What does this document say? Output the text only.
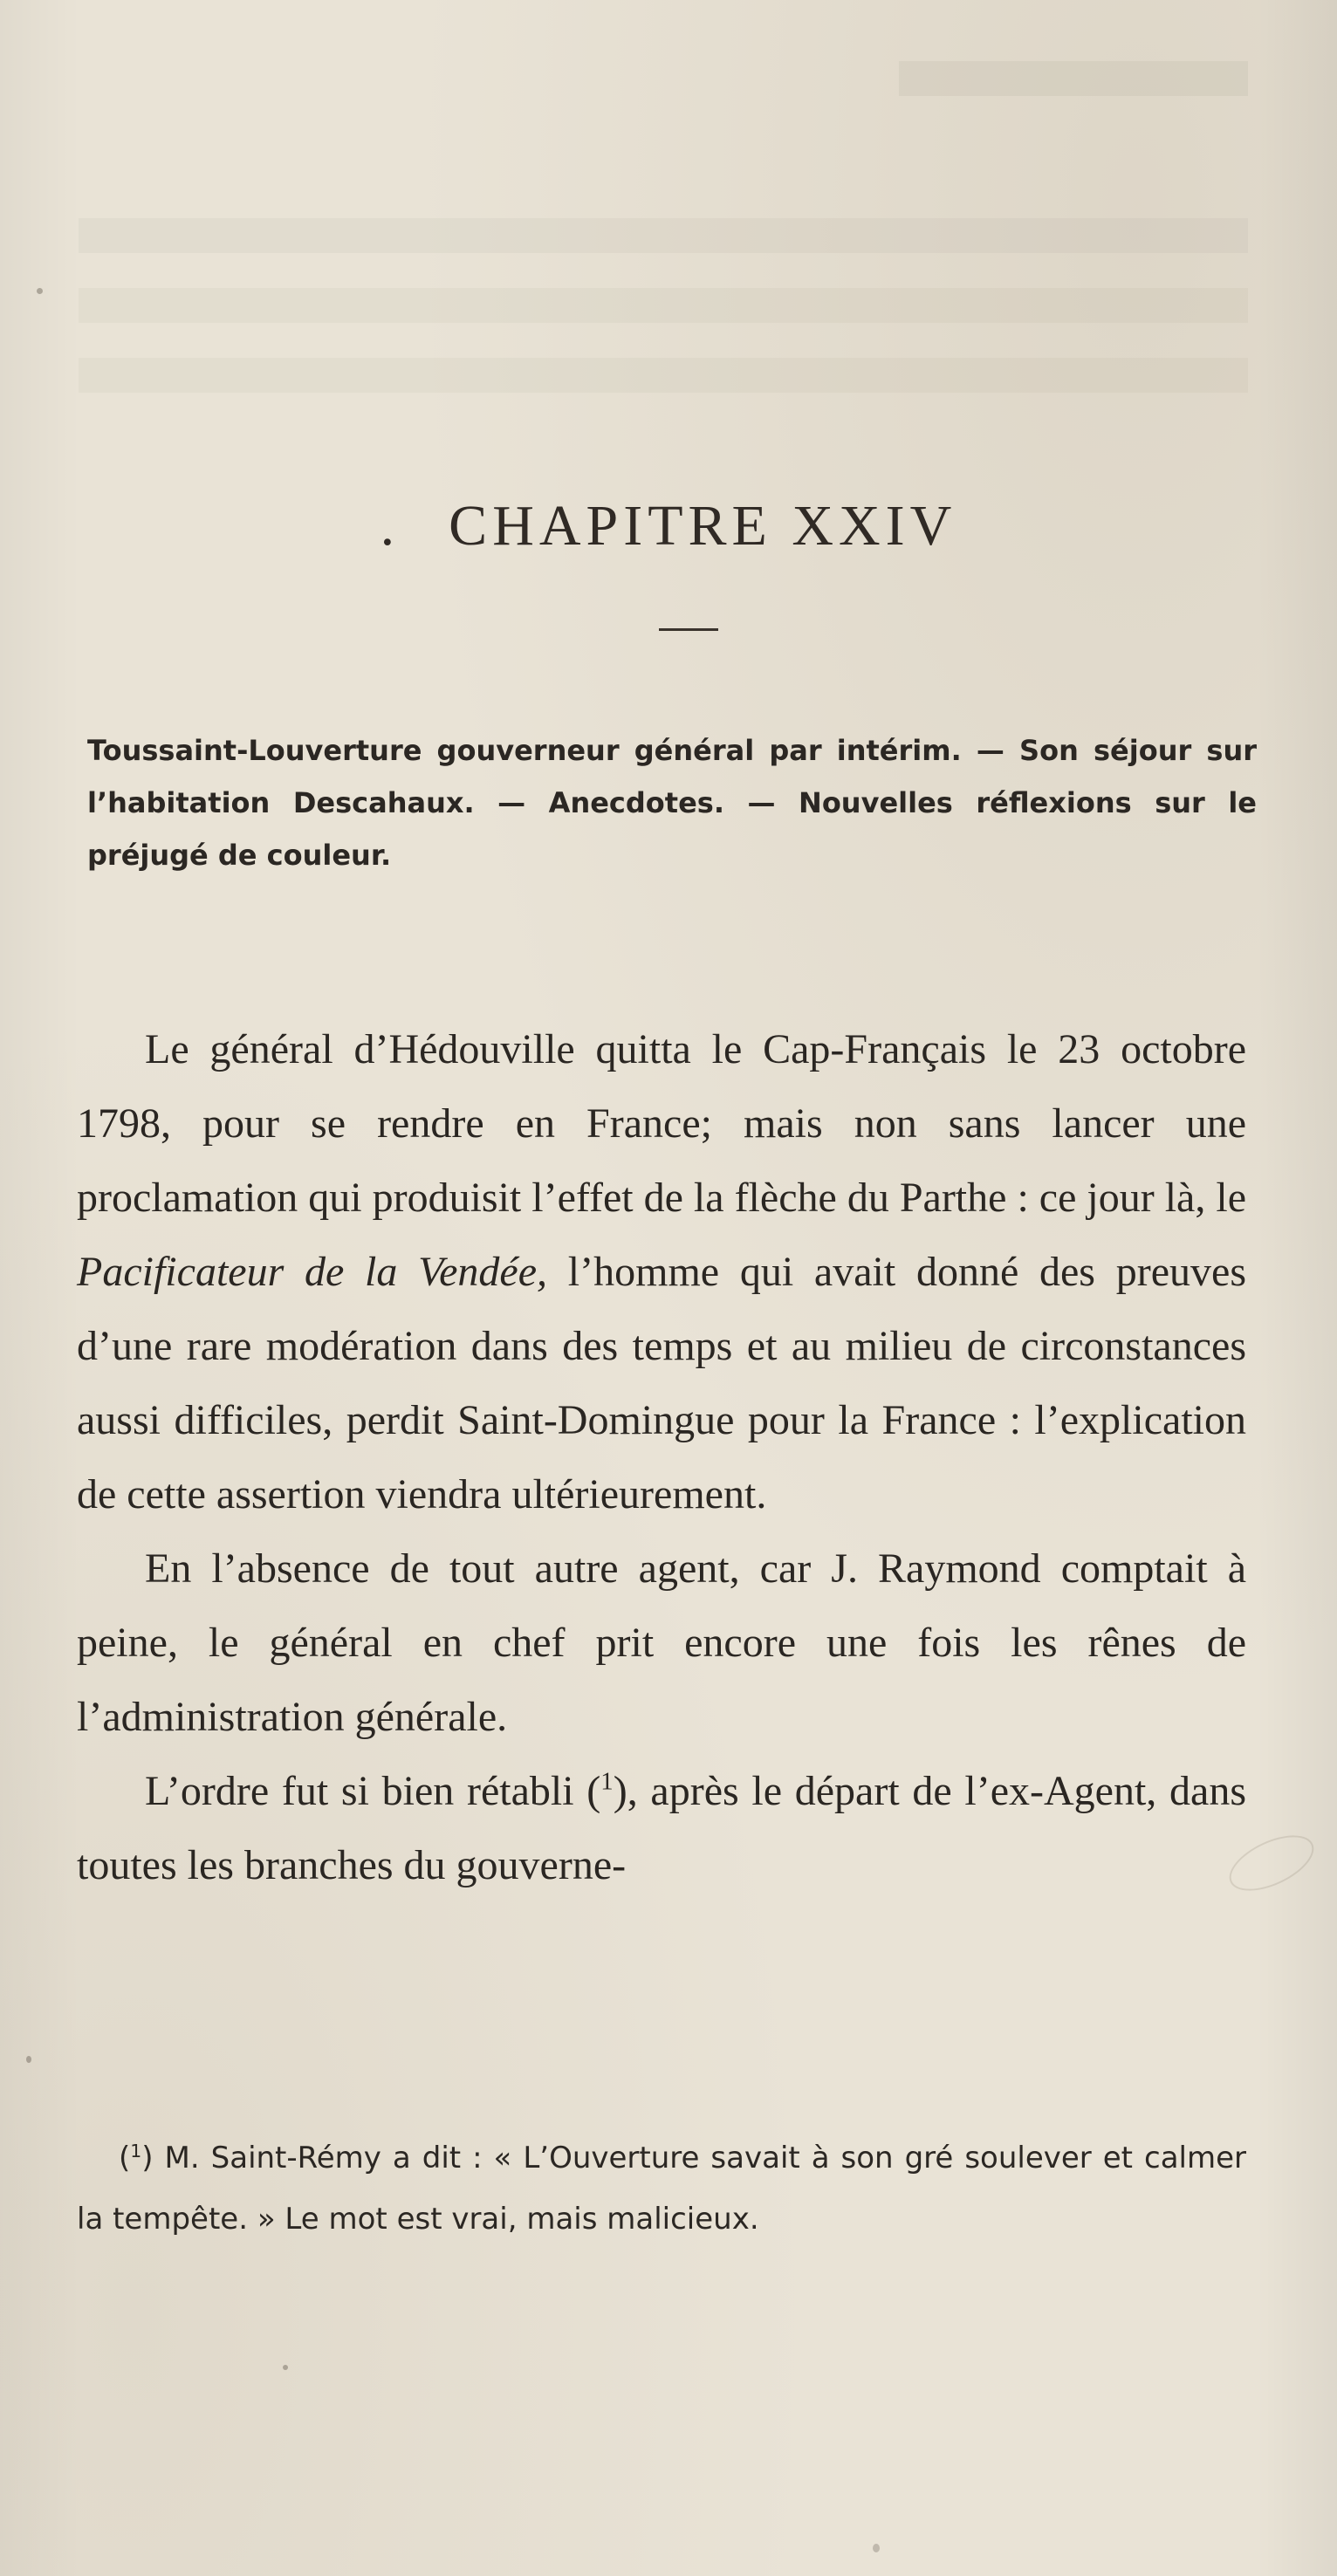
. CHAPITRE XXIV
Toussaint-Louverture gouverneur général par intérim. — Son séjour sur l’habitation Descahaux. — Anecdotes. — Nouvelles réflexions sur le préjugé de couleur.

Le général d’Hédouville quitta le Cap-Français le 23 octobre 1798, pour se rendre en France; mais non sans lancer une proclamation qui produisit l’effet de la flèche du Parthe : ce jour là, le Pacificateur de la Vendée, l’homme qui avait donné des preuves d’une rare modération dans des temps et au milieu de circonstances aussi difficiles, perdit Saint-Domingue pour la France : l’explication de cette assertion viendra ultérieurement.

En l’absence de tout autre agent, car J. Raymond comptait à peine, le général en chef prit encore une fois les rênes de l’administration générale.

L’ordre fut si bien rétabli ($^1$), après le départ de l’ex-Agent, dans toutes les branches du gouverne-

($^1$) M. Saint-Rémy a dit : « L’Ouverture savait à son gré soulever et calmer la tempête. » Le mot est vrai, mais malicieux.
